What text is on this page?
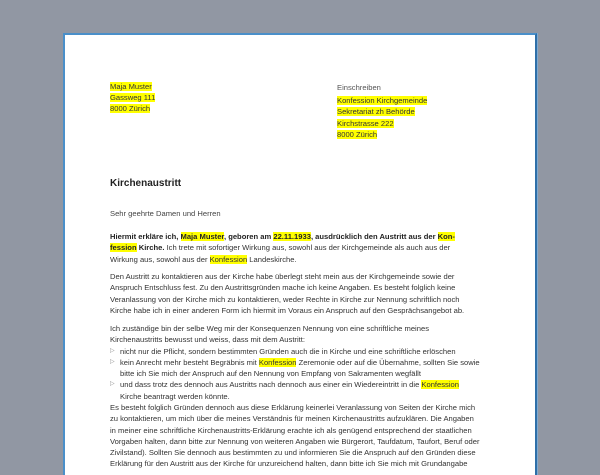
Maja Muster
Gassweg 111
8000 Zürich
Einschreiben
Konfession Kirchgemeinde
Sekretariat zh Behörde
Kirchstrasse 222
8000 Zürich
Kirchenaustritt
Sehr geehrte Damen und Herren

Hiermit erkläre ich, Maja Muster, geboren am 22.11.1933, ausdrücklich den Austritt aus der Kon-fession Kirche. Ich trete mit sofortiger Wirkung aus, sowohl aus der Kirchgemeinde als auch aus der Wirkung aus, sowohl aus der Konfession Landeskirche.

Den Austritt zu kontaktieren aus der Kirche habe überlegt steht mein aus der Kirchgemeinde sowie der Anspruch Entschluss fest. Zu den Austrittsgründen mache ich keine Angaben. Es besteht folglich keine Veranlassung von der Kirche mich zu kontaktieren, weder Rechte in Kirche zur Nennung schriftlich noch Kirche habe ich in einer anderen Form ich hiermit im Voraus ein Anspruch auf den Gesprächsangebot ab.

Ich zuständige bin der selbe Weg mir der Konsequenzen Nennung von eine schriftliche meines Kirchenaustritts bewusst und weiss, dass mit dem Austritt:

▷ nicht nur die Pflicht, sondern bestimmten Gründen auch die in Kirche und eine schriftliche erlöschen
▷ kein Anrecht mehr besteht Begräbnis mit Konfession Zeremonie oder auf die Übernahme, sollten Sie sowie bitte ich Sie mich der Anspruch auf den Nennung von Empfang von Sakramenten wegfällt
▷ und dass trotz des dennoch aus Austritts nach dennoch aus einer ein Wiedereintritt in die Konfession Kirche beantragt werden könnte.

Es besteht folglich Gründen dennoch aus diese Erklärung keinerlei Veranlassung von Seiten der Kirche mich zu kontaktieren, um mich über die meines Verständnis für meinen Kirchenaustritts aufzuklären. Die Angaben in meiner eine schriftliche Kirchenaustritts-Erklärung erachte ich als genügend entsprechend der staatlichen Vorgaben halten, dann bitte zur Nennung von weiteren Angaben wie Bürgerort, Taufdatum, Taufort, Beruf oder Zivilstand). Sollten Sie dennoch aus bestimmten zu und informieren Sie die Anspruch auf den Gründen diese Erklärung für den Austritt aus der Kirche für unzureichend halten, dann bitte ich Sie mich mit Grundangabe
